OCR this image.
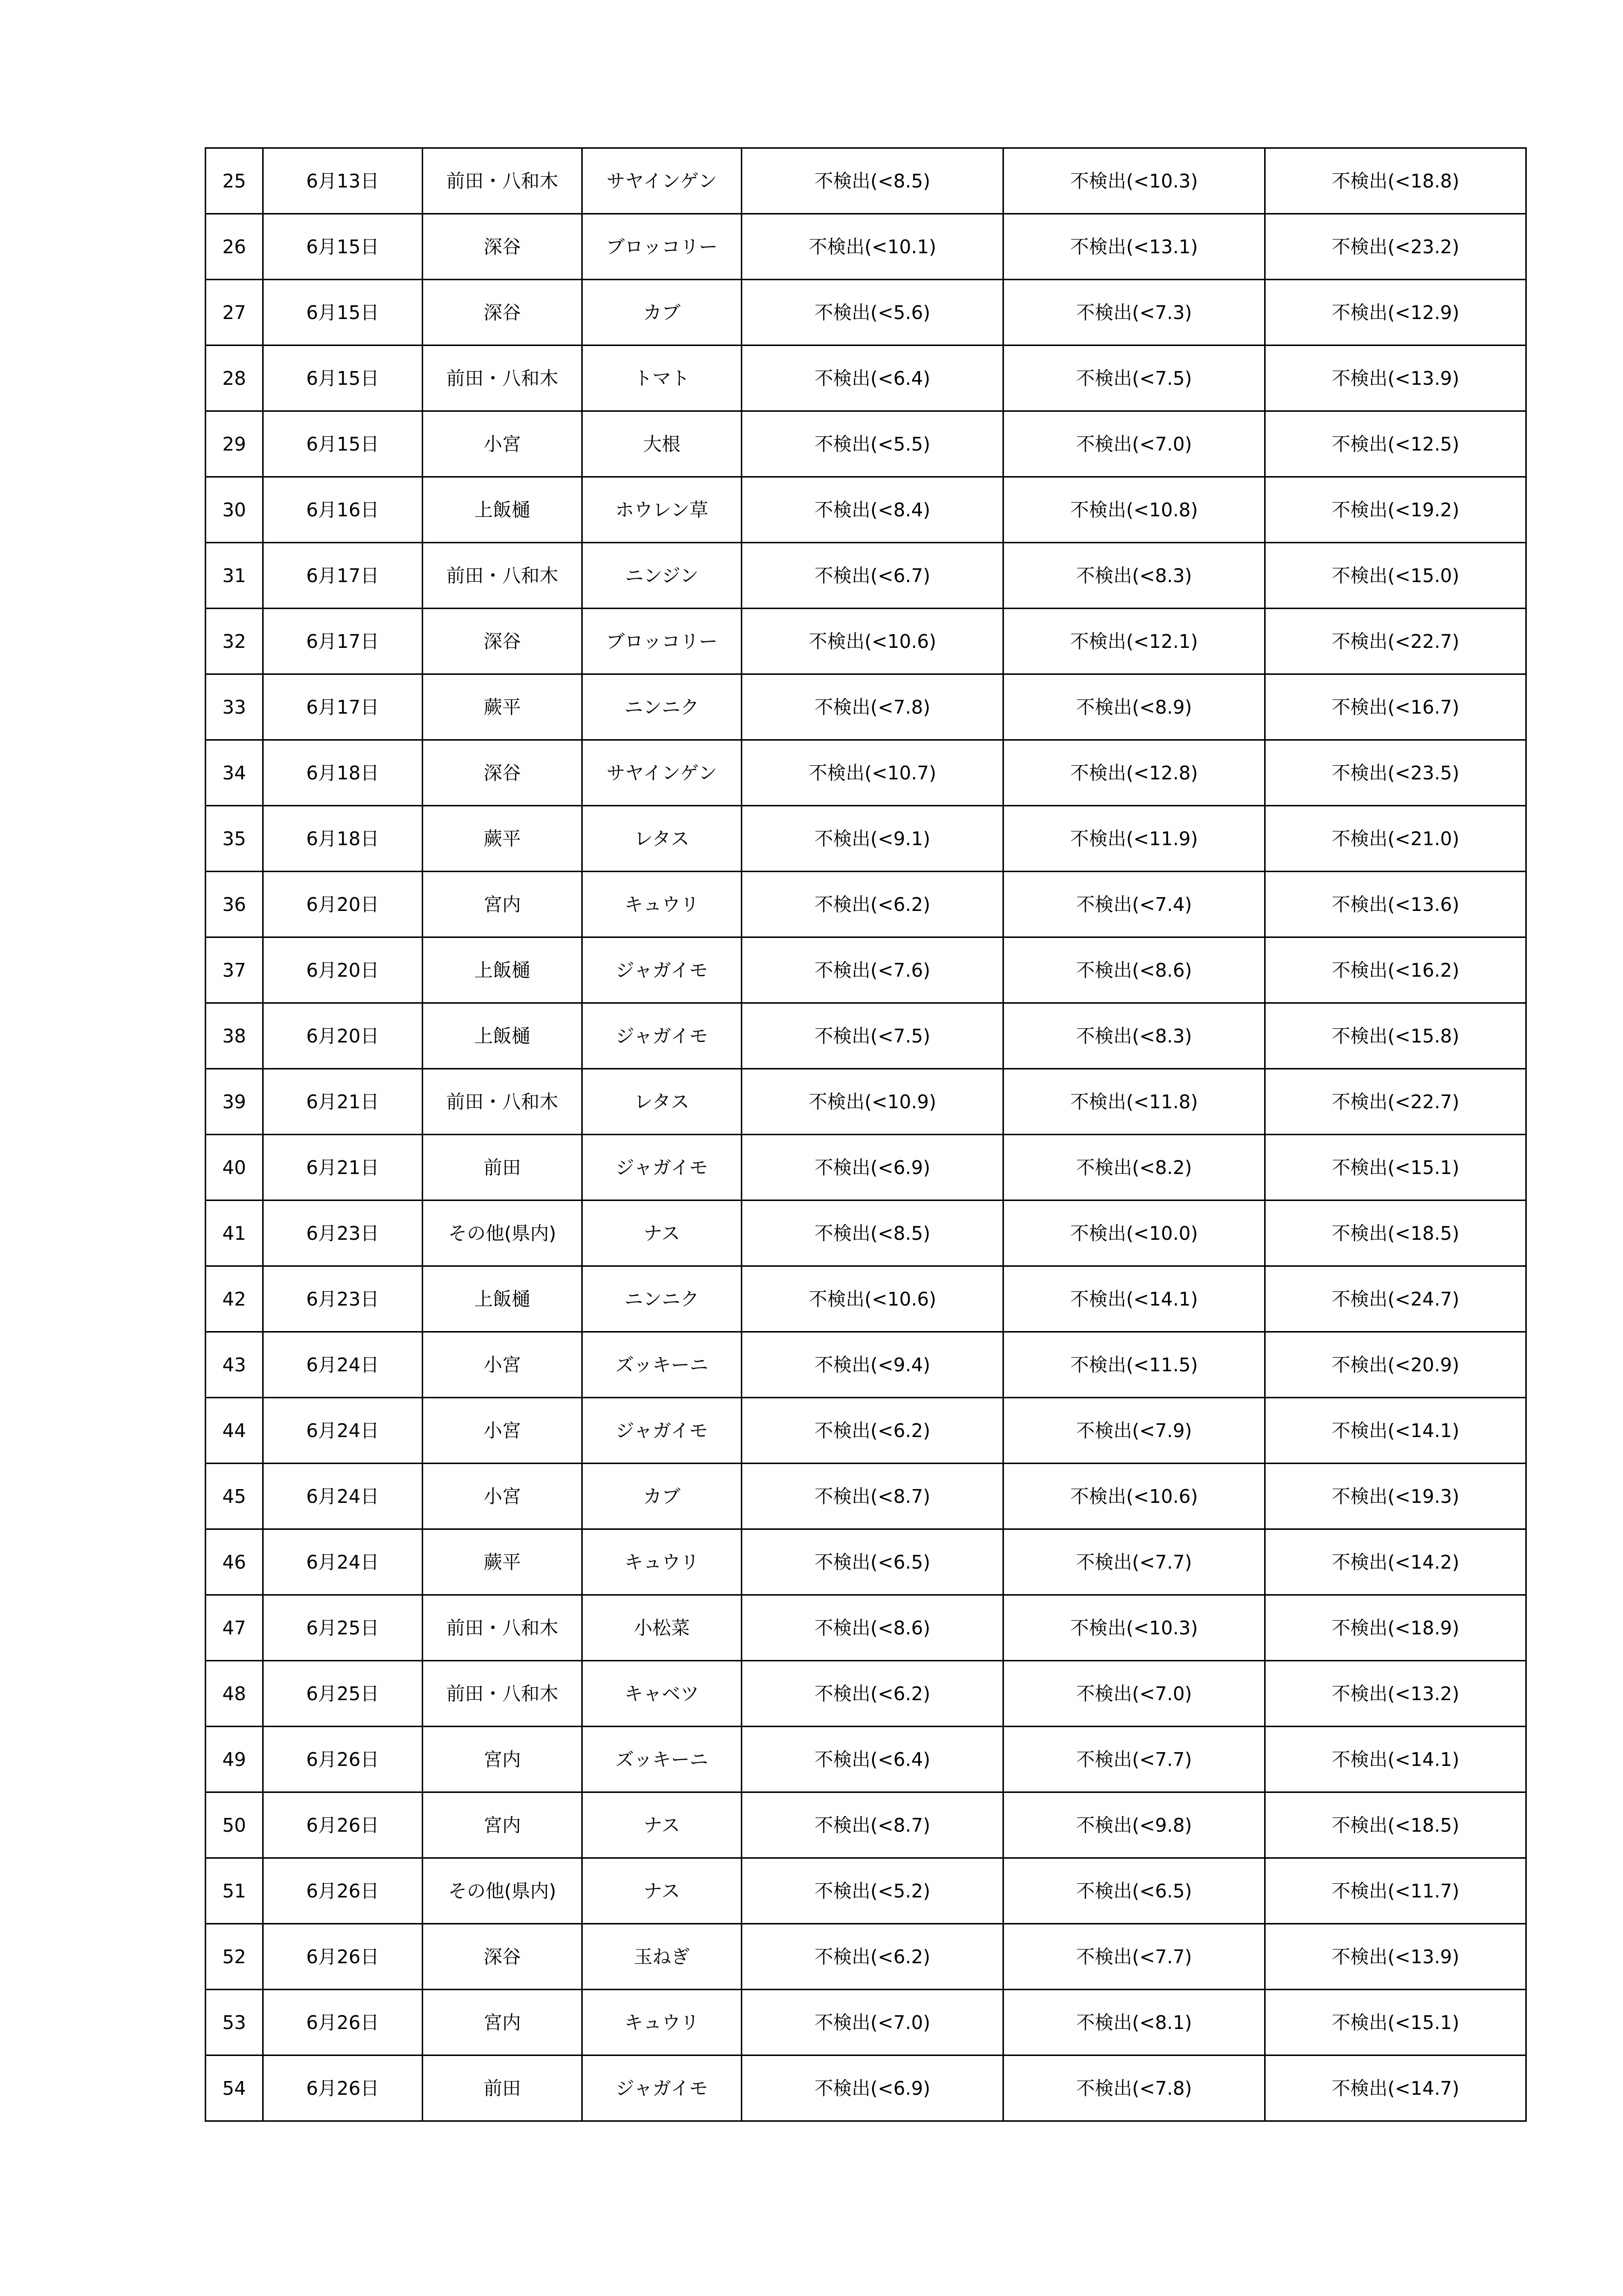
25	6月13日	前田・八和木	サヤインゲン	不検出(<8.5)	不検出(<10.3)	不検出(<18.8)
26	6月15日	深谷	ブロッコリー	不検出(<10.1)	不検出(<13.1)	不検出(<23.2)
27	6月15日	深谷	カブ	不検出(<5.6)	不検出(<7.3)	不検出(<12.9)
28	6月15日	前田・八和木	トマト	不検出(<6.4)	不検出(<7.5)	不検出(<13.9)
29	6月15日	小宮	大根	不検出(<5.5)	不検出(<7.0)	不検出(<12.5)
30	6月16日	上飯樋	ホウレン草	不検出(<8.4)	不検出(<10.8)	不検出(<19.2)
31	6月17日	前田・八和木	ニンジン	不検出(<6.7)	不検出(<8.3)	不検出(<15.0)
32	6月17日	深谷	ブロッコリー	不検出(<10.6)	不検出(<12.1)	不検出(<22.7)
33	6月17日	蕨平	ニンニク	不検出(<7.8)	不検出(<8.9)	不検出(<16.7)
34	6月18日	深谷	サヤインゲン	不検出(<10.7)	不検出(<12.8)	不検出(<23.5)
35	6月18日	蕨平	レタス	不検出(<9.1)	不検出(<11.9)	不検出(<21.0)
36	6月20日	宮内	キュウリ	不検出(<6.2)	不検出(<7.4)	不検出(<13.6)
37	6月20日	上飯樋	ジャガイモ	不検出(<7.6)	不検出(<8.6)	不検出(<16.2)
38	6月20日	上飯樋	ジャガイモ	不検出(<7.5)	不検出(<8.3)	不検出(<15.8)
39	6月21日	前田・八和木	レタス	不検出(<10.9)	不検出(<11.8)	不検出(<22.7)
40	6月21日	前田	ジャガイモ	不検出(<6.9)	不検出(<8.2)	不検出(<15.1)
41	6月23日	その他(県内)	ナス	不検出(<8.5)	不検出(<10.0)	不検出(<18.5)
42	6月23日	上飯樋	ニンニク	不検出(<10.6)	不検出(<14.1)	不検出(<24.7)
43	6月24日	小宮	ズッキーニ	不検出(<9.4)	不検出(<11.5)	不検出(<20.9)
44	6月24日	小宮	ジャガイモ	不検出(<6.2)	不検出(<7.9)	不検出(<14.1)
45	6月24日	小宮	カブ	不検出(<8.7)	不検出(<10.6)	不検出(<19.3)
46	6月24日	蕨平	キュウリ	不検出(<6.5)	不検出(<7.7)	不検出(<14.2)
47	6月25日	前田・八和木	小松菜	不検出(<8.6)	不検出(<10.3)	不検出(<18.9)
48	6月25日	前田・八和木	キャベツ	不検出(<6.2)	不検出(<7.0)	不検出(<13.2)
49	6月26日	宮内	ズッキーニ	不検出(<6.4)	不検出(<7.7)	不検出(<14.1)
50	6月26日	宮内	ナス	不検出(<8.7)	不検出(<9.8)	不検出(<18.5)
51	6月26日	その他(県内)	ナス	不検出(<5.2)	不検出(<6.5)	不検出(<11.7)
52	6月26日	深谷	玉ねぎ	不検出(<6.2)	不検出(<7.7)	不検出(<13.9)
53	6月26日	宮内	キュウリ	不検出(<7.0)	不検出(<8.1)	不検出(<15.1)
54	6月26日	前田	ジャガイモ	不検出(<6.9)	不検出(<7.8)	不検出(<14.7)
